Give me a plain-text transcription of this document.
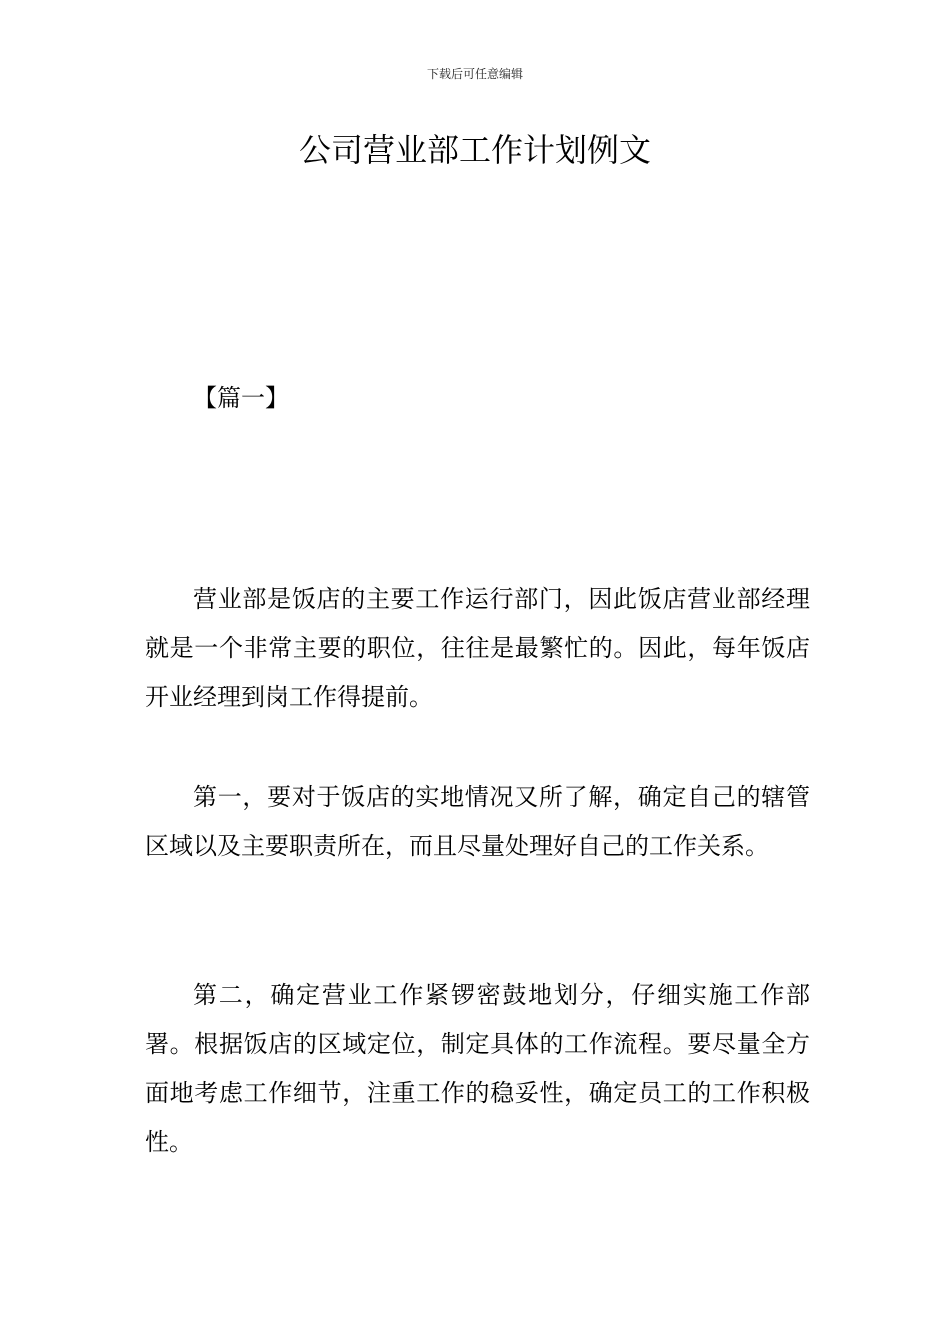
下载后可任意编辑
公司营业部工作计划例文
【篇一】

营业部是饭店的主要工作运行部门，因此饭店营业部经理就是一个非常主要的职位，往往是最繁忙的。因此，每年饭店开业经理到岗工作得提前。

第一，要对于饭店的实地情况又所了解，确定自己的辖管区域以及主要职责所在，而且尽量处理好自己的工作关系。

第二，确定营业工作紧锣密鼓地划分，仔细实施工作部署。根据饭店的区域定位，制定具体的工作流程。要尽量全方面地考虑工作细节，注重工作的稳妥性，确定员工的工作积极性。
